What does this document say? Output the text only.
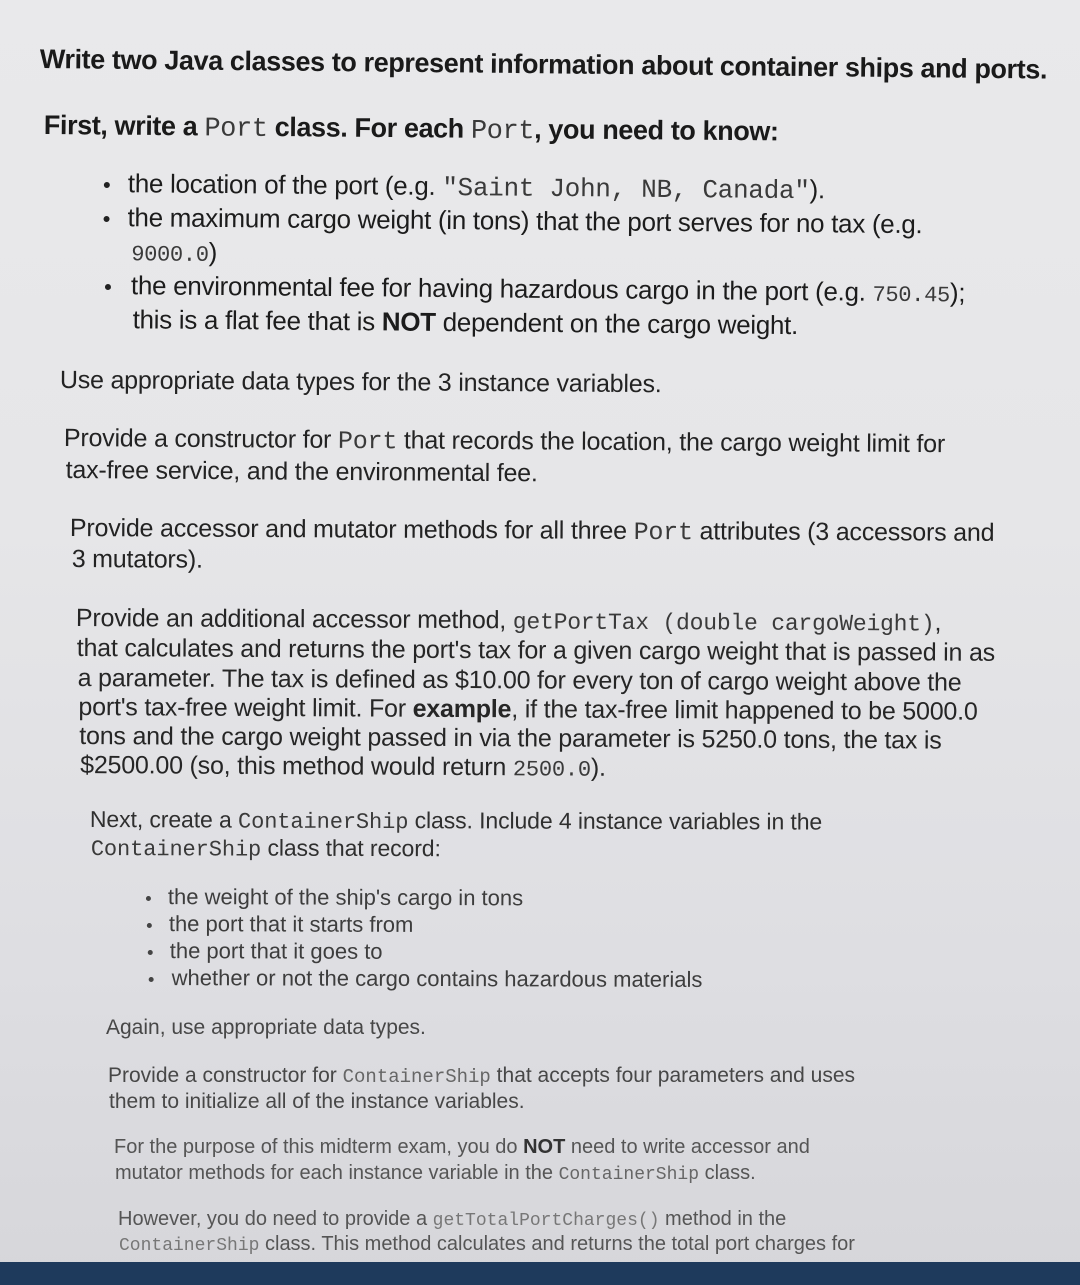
Write two Java classes to represent information about container ships and ports.
First, write a Port class. For each Port, you need to know:
the location of the port (e.g. "Saint John, NB, Canada").
the maximum cargo weight (in tons) that the port serves for no tax (e.g.
9000.0)
the environmental fee for having hazardous cargo in the port (e.g. 750.45);
this is a flat fee that is NOT dependent on the cargo weight.
Use appropriate data types for the 3 instance variables.
Provide a constructor for Port that records the location, the cargo weight limit for
tax-free service, and the environmental fee.
Provide accessor and mutator methods for all three Port attributes (3 accessors and
3 mutators).
Provide an additional accessor method, getPortTax (double cargoWeight),
that calculates and returns the port's tax for a given cargo weight that is passed in as
a parameter. The tax is defined as $10.00 for every ton of cargo weight above the
port's tax-free weight limit. For example, if the tax-free limit happened to be 5000.0
tons and the cargo weight passed in via the parameter is 5250.0 tons, the tax is
$2500.00 (so, this method would return 2500.0).
Next, create a ContainerShip class. Include 4 instance variables in the
ContainerShip class that record:
the weight of the ship's cargo in tons
the port that it starts from
the port that it goes to
whether or not the cargo contains hazardous materials
Again, use appropriate data types.
Provide a constructor for ContainerShip that accepts four parameters and uses
them to initialize all of the instance variables.
For the purpose of this midterm exam, you do NOT need to write accessor and
mutator methods for each instance variable in the ContainerShip class.
However, you do need to provide a getTotalPortCharges() method in the
ContainerShip class. This method calculates and returns the total port charges for
